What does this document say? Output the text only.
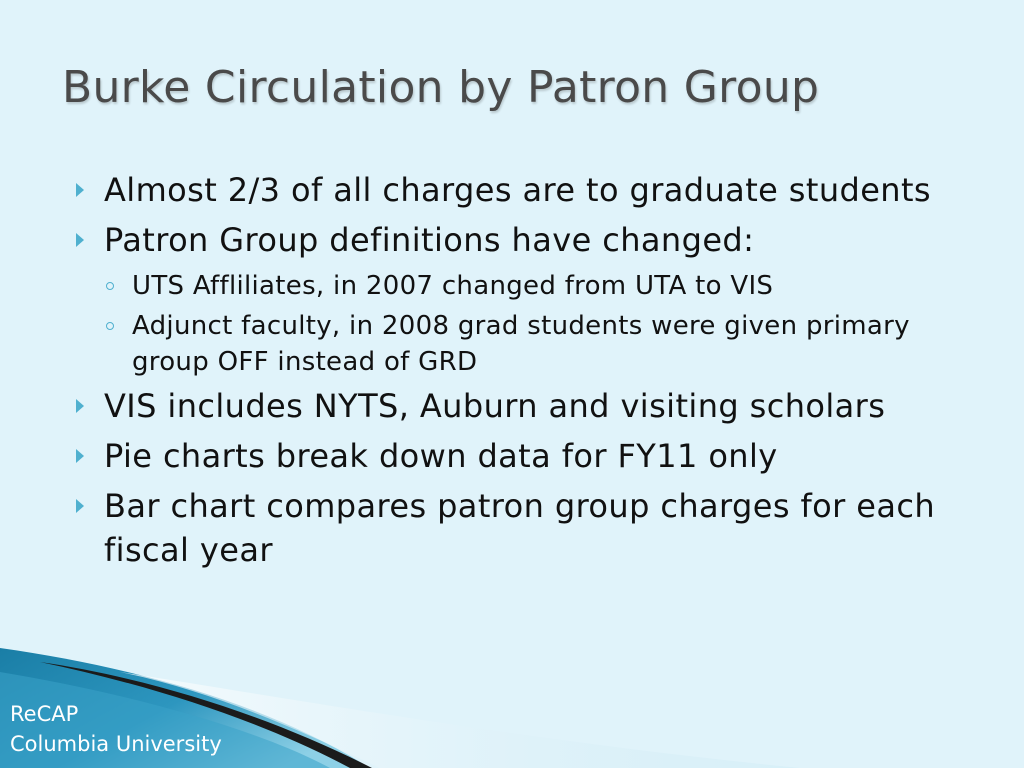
Burke Circulation by Patron Group
Almost 2/3 of all charges are to graduate students
Patron Group definitions have changed:
UTS Affliliates, in 2007 changed from UTA to VIS
Adjunct faculty, in 2008 grad students were given primary group OFF instead of GRD
VIS includes NYTS, Auburn and visiting scholars
Pie charts break down data for FY11 only
Bar chart compares patron group charges for each fiscal year
ReCAP
Columbia University
